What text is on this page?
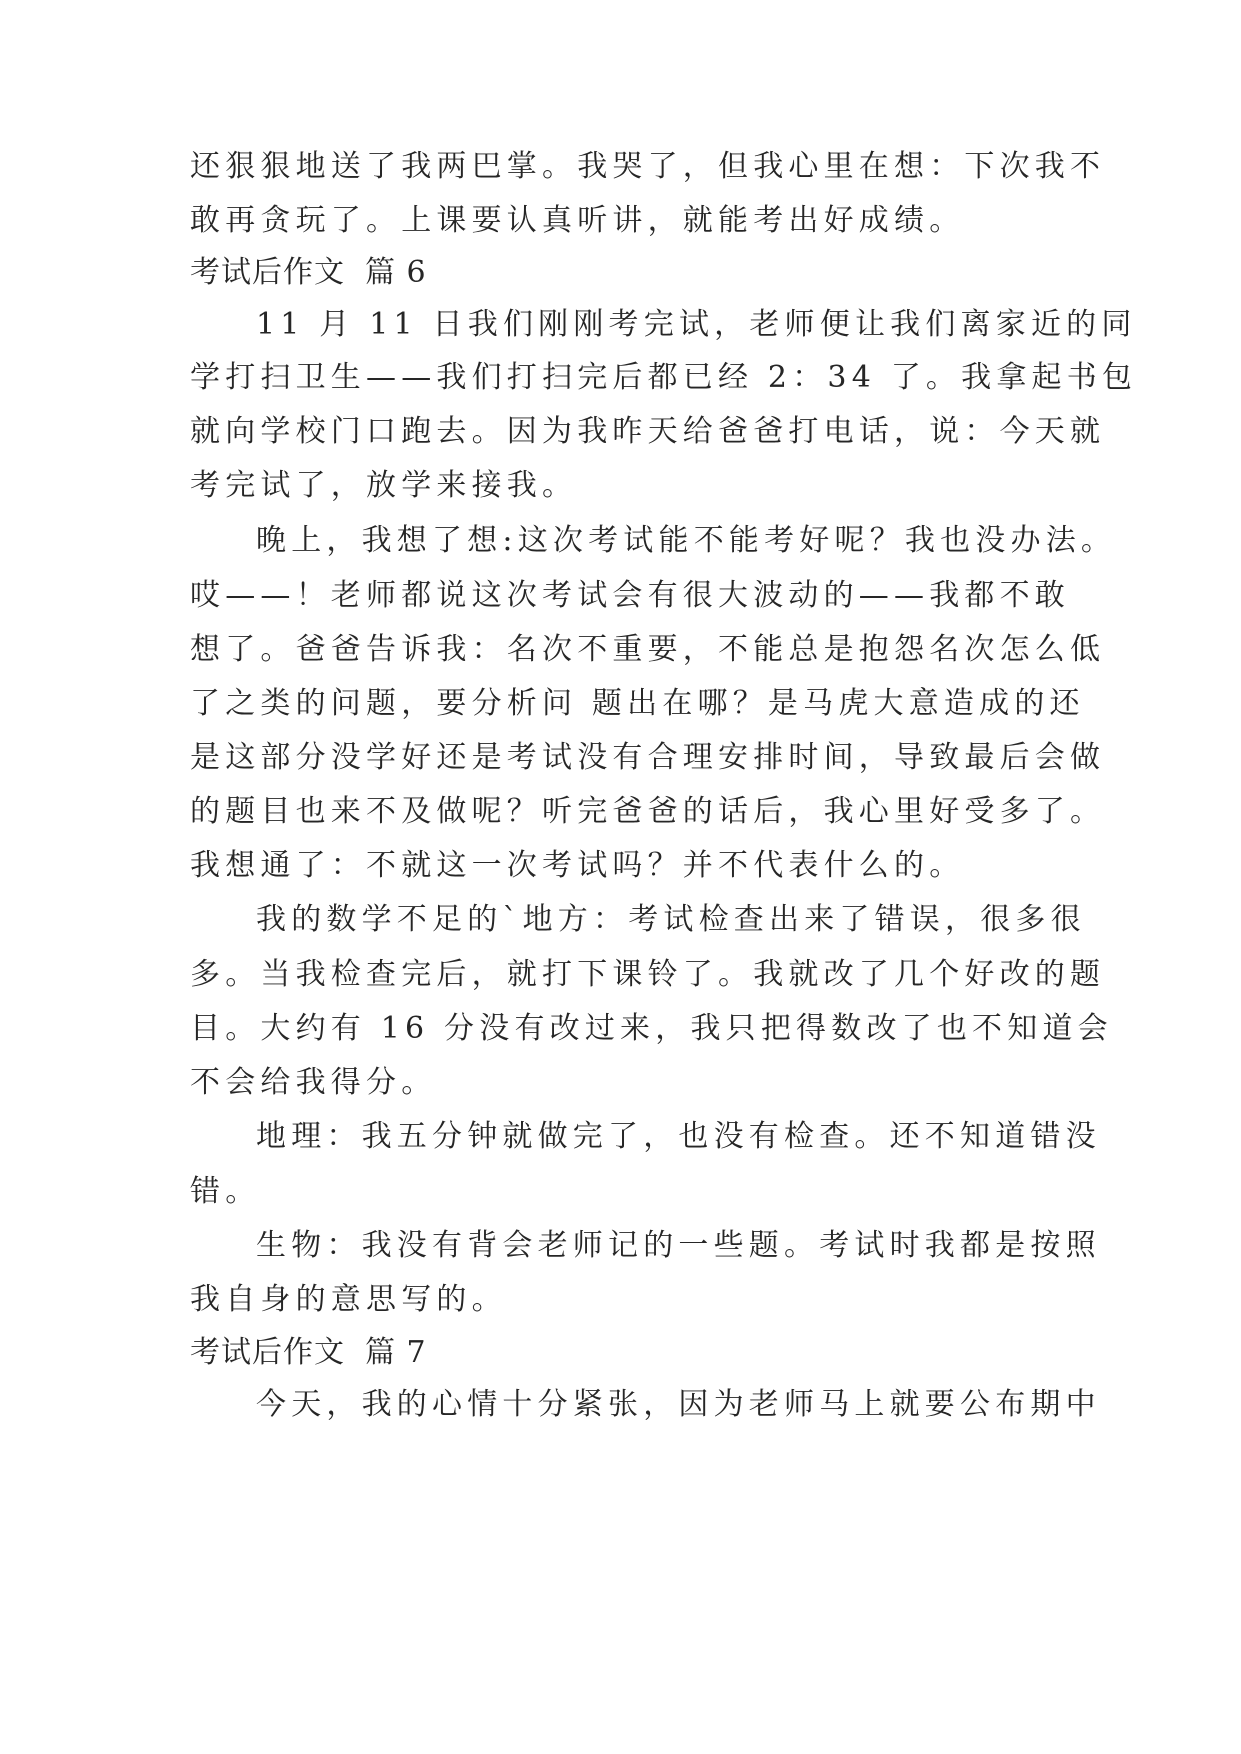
还狠狠地送了我两巴掌。我哭了，但我心里在想：下次我不

敢再贪玩了。上课要认真听讲，就能考出好成绩。

考试后作文 篇 6

11 月 11 日我们刚刚考完试，老师便让我们离家近的同

学打扫卫生——我们打扫完后都已经 2：34 了。我拿起书包

就向学校门口跑去。因为我昨天给爸爸打电话，说：今天就

考完试了，放学来接我。

晚上，我想了想:这次考试能不能考好呢？我也没办法。

哎——！老师都说这次考试会有很大波动的——我都不敢

想了。爸爸告诉我：名次不重要，不能总是抱怨名次怎么低

了之类的问题，要分析问 题出在哪？是马虎大意造成的还

是这部分没学好还是考试没有合理安排时间，导致最后会做

的题目也来不及做呢？听完爸爸的话后，我心里好受多了。

我想通了：不就这一次考试吗？并不代表什么的。

我的数学不足的`地方：考试检查出来了错误，很多很

多。当我检查完后，就打下课铃了。我就改了几个好改的题

目。大约有 16 分没有改过来，我只把得数改了也不知道会

不会给我得分。

地理：我五分钟就做完了，也没有检查。还不知道错没

错。

生物：我没有背会老师记的一些题。考试时我都是按照

我自身的意思写的。

考试后作文 篇 7

今天，我的心情十分紧张，因为老师马上就要公布期中
